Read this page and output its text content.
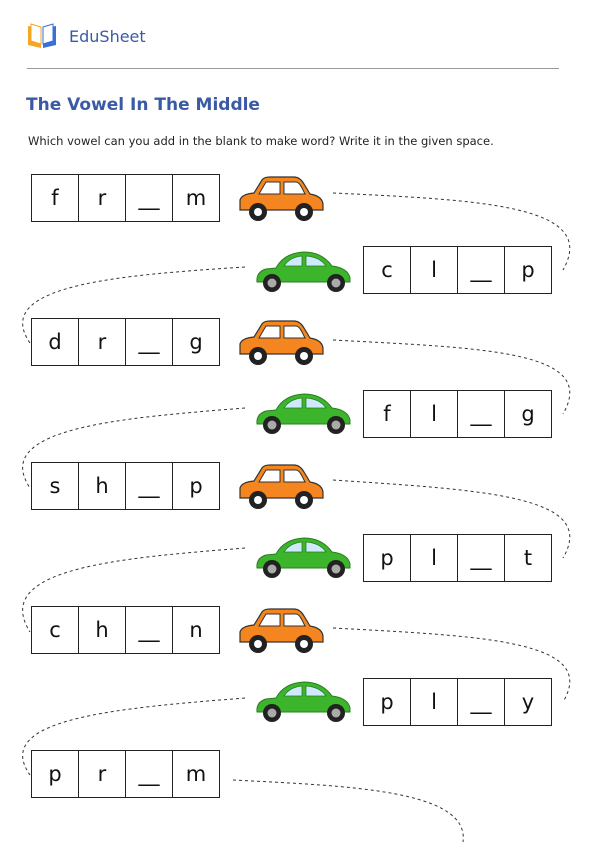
EduSheet
The Vowel In The Middle
Which vowel can you add in the blank to make word? Write it in the given space.
f	r	__	m
c	l	__	p
d	r	__	g
f	l	__	g
s	h	__	p
p	l	__	t
c	h	__	n
p	l	__	y
p	r	__	m
